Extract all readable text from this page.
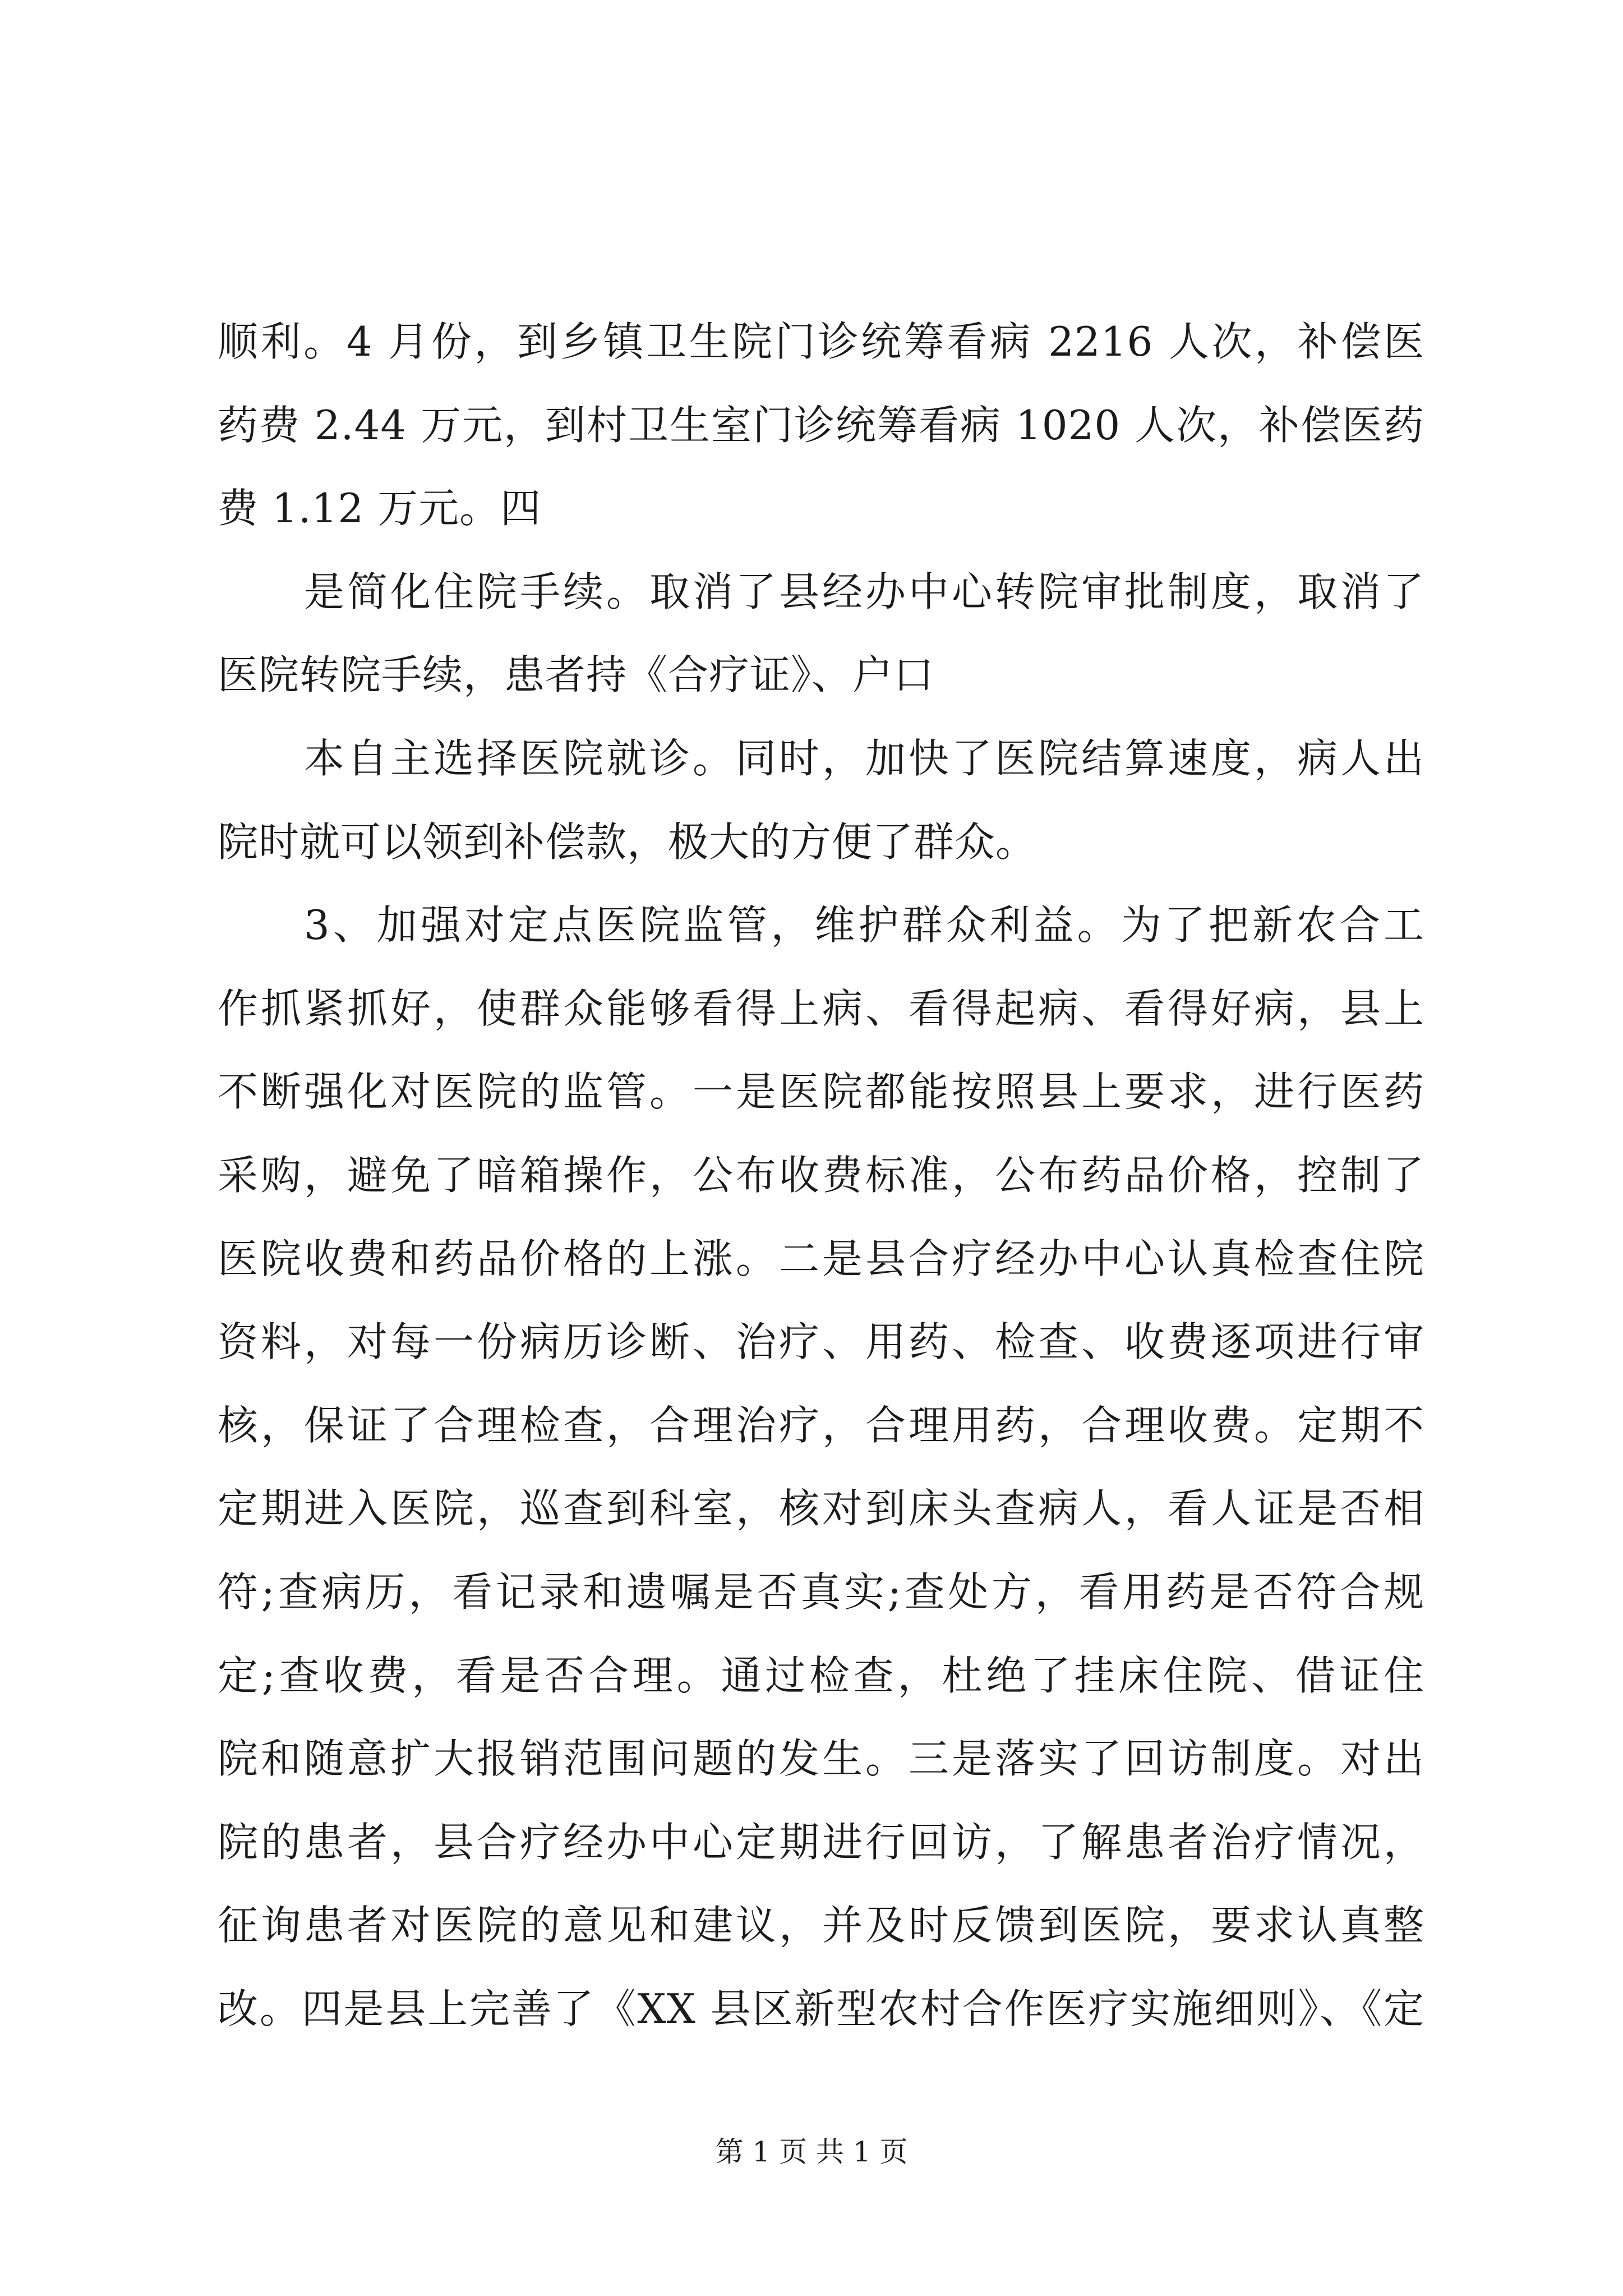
顺利。4 月份，到乡镇卫生院门诊统筹看病 2216 人次，补偿医
药费 2.44 万元，到村卫生室门诊统筹看病 1020 人次，补偿医药
费 1.12 万元。四
是简化住院手续。取消了县经办中心转院审批制度，取消了
医院转院手续，患者持《合疗证》、户口
本自主选择医院就诊。同时，加快了医院结算速度，病人出
院时就可以领到补偿款，极大的方便了群众。
3、加强对定点医院监管，维护群众利益。为了把新农合工
作抓紧抓好，使群众能够看得上病、看得起病、看得好病，县上
不断强化对医院的监管。一是医院都能按照县上要求，进行医药
采购，避免了暗箱操作，公布收费标准，公布药品价格，控制了
医院收费和药品价格的上涨。二是县合疗经办中心认真检查住院
资料，对每一份病历诊断、治疗、用药、检查、收费逐项进行审
核，保证了合理检查，合理治疗，合理用药，合理收费。定期不
定期进入医院，巡查到科室，核对到床头查病人，看人证是否相
符;查病历，看记录和遗嘱是否真实;查处方，看用药是否符合规
定;查收费，看是否合理。通过检查，杜绝了挂床住院、借证住
院和随意扩大报销范围问题的发生。三是落实了回访制度。对出
院的患者，县合疗经办中心定期进行回访，了解患者治疗情况，
征询患者对医院的意见和建议，并及时反馈到医院，要求认真整
改。四是县上完善了《XX 县区新型农村合作医疗实施细则》、《定
第 1 页 共 1 页
